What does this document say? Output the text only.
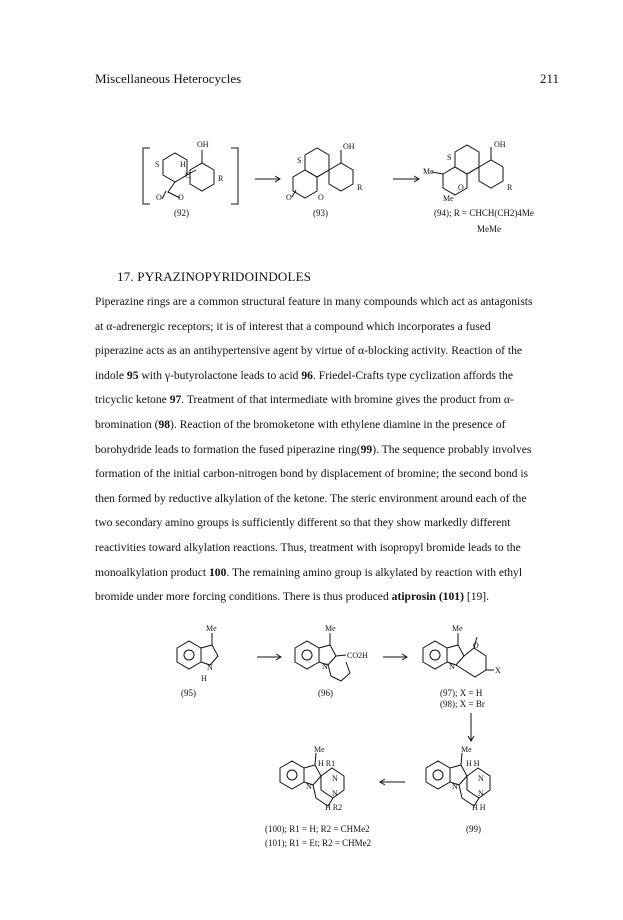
Miscellaneous Heterocycles	211
OH
S	H
O
O O
R
OH
S
O	O
R
OH
S
Me
O
Me
R
(92)	(93)	(94); R = CHCH(CH2)4Me
MeMe
17. PYRAZINOPYRIDOINDOLES

Piperazine rings are a common structural feature in many compounds which act as antagonists at α-adrenergic receptors; it is of interest that a compound which incorporates a fused piperazine acts as an antihypertensive agent by virtue of α-blocking activity. Reaction of the indole 95 with γ-butyrolactone leads to acid 96. Friedel-Crafts type cyclization affords the tricyclic ketone 97. Treatment of that intermediate with bromine gives the product from α-bromination (98). Reaction of the bromoketone with ethylene diamine in the presence of borohydride leads to formation the fused piperazine ring(99). The sequence probably involves formation of the initial carbon-nitrogen bond by displacement of bromine; the second bond is then formed by reductive alkylation of the ketone. The steric environment around each of the two secondary amino groups is sufficiently different so that they show markedly different reactivities toward alkylation reactions. Thus, treatment with isopropyl bromide leads to the monoalkylation product 100. The remaining amino group is alkylated by reaction with ethyl bromide under more forcing conditions. There is thus produced atiprosin (101) [19].

Me
N
H
Me
N
CO2H
Me
O
N	X
Me
H H
N
N
N
H H
Me
H R1
N
N
N
H R2
(95)	(96)	(97); X = H
(98); X = Br
(99)
(100); R1 = H; R2 = CHMe2
(101); R1 = Et; R2 = CHMe2
